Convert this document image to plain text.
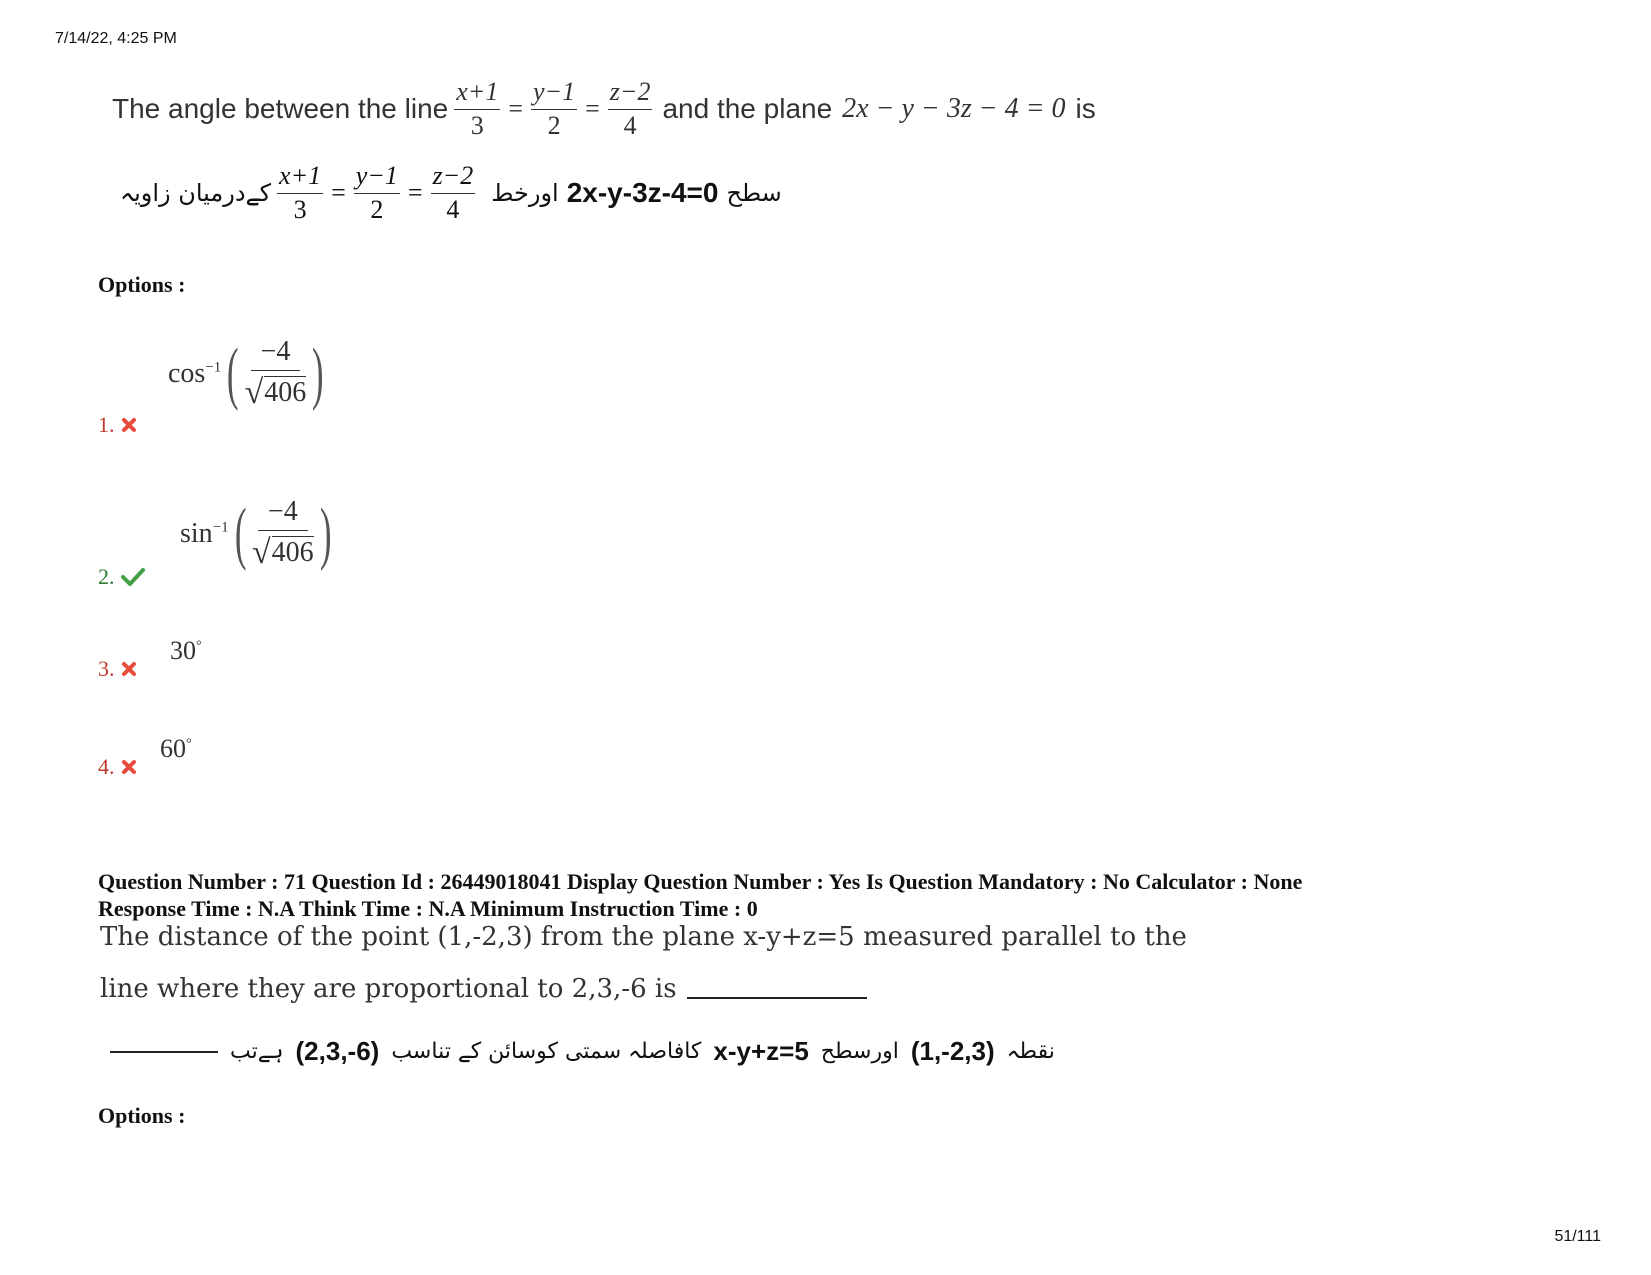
7/14/22, 4:25 PM
The angle between the line $\frac{x+1}{3} = \frac{y-1}{2} = \frac{z-2}{4}$ and the plane 2x − y − 3z − 4 = 0 is
کےدرمیان زاویہ $\frac{x+1}{3} = \frac{y-1}{2} = \frac{z-2}{4}$ اورخط 2x-y-3z-4=0 سطح
Options :
$\cos^{-1}$ ( $\frac{-4}{√ 406}$ )
1.
$\sin^{-1}$ ( $\frac{-4}{√ 406}$ )
2.
30°
3.
60°
4.
Question Number : 71 Question Id : 26449018041 Display Question Number : Yes Is Question Mandatory : No Calculator : None
Response Time : N.A Think Time : N.A Minimum Instruction Time : 0
The distance of the point (1,-2,3) from the plane x-y+z=5 measured parallel to the
line where they are proportional to 2,3,-6 is
ہےتب (2,3,-6) کافاصلہ سمتی کوسائن کے تناسب x-y+z=5 اورسطح (1,-2,3) نقطہ
Options :
51/111
